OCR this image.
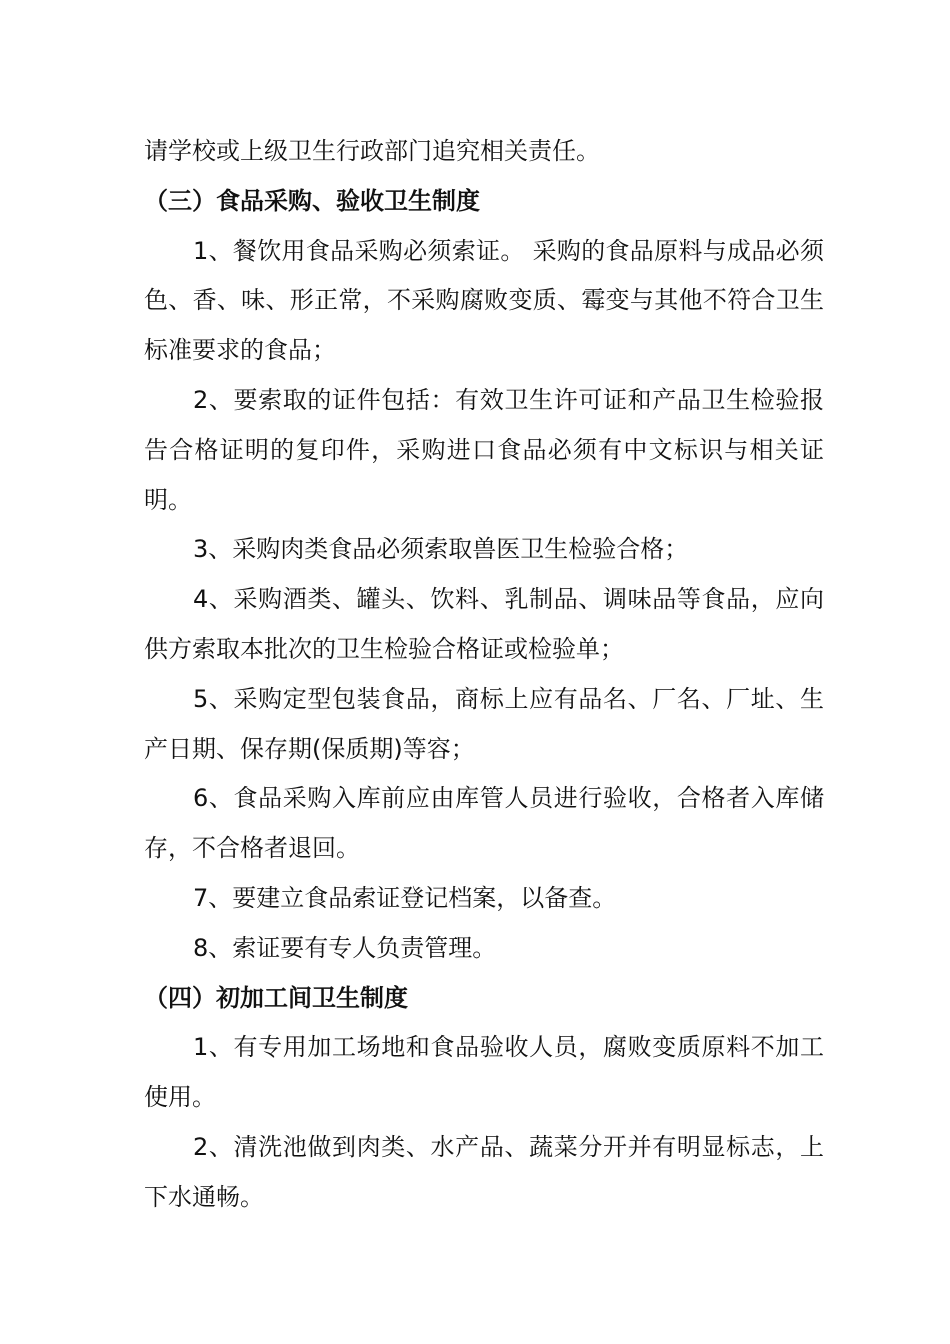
请学校或上级卫生行政部门追究相关责任。

（三）食品采购、验收卫生制度

1、餐饮用食品采购必须索证。 采购的食品原料与成品必须色、香、味、形正常，不采购腐败变质、霉变与其他不符合卫生标准要求的食品；

2、要索取的证件包括：有效卫生许可证和产品卫生检验报告合格证明的复印件，采购进口食品必须有中文标识与相关证明。

3、采购肉类食品必须索取兽医卫生检验合格；

4、采购酒类、罐头、饮料、乳制品、调味品等食品，应向供方索取本批次的卫生检验合格证或检验单；

5、采购定型包装食品，商标上应有品名、厂名、厂址、生产日期、保存期(保质期)等容；

6、食品采购入库前应由库管人员进行验收，合格者入库储存，不合格者退回。

7、要建立食品索证登记档案，以备查。

8、索证要有专人负责管理。

（四）初加工间卫生制度

1、有专用加工场地和食品验收人员，腐败变质原料不加工使用。

2、清洗池做到肉类、水产品、蔬菜分开并有明显标志，上下水通畅。
